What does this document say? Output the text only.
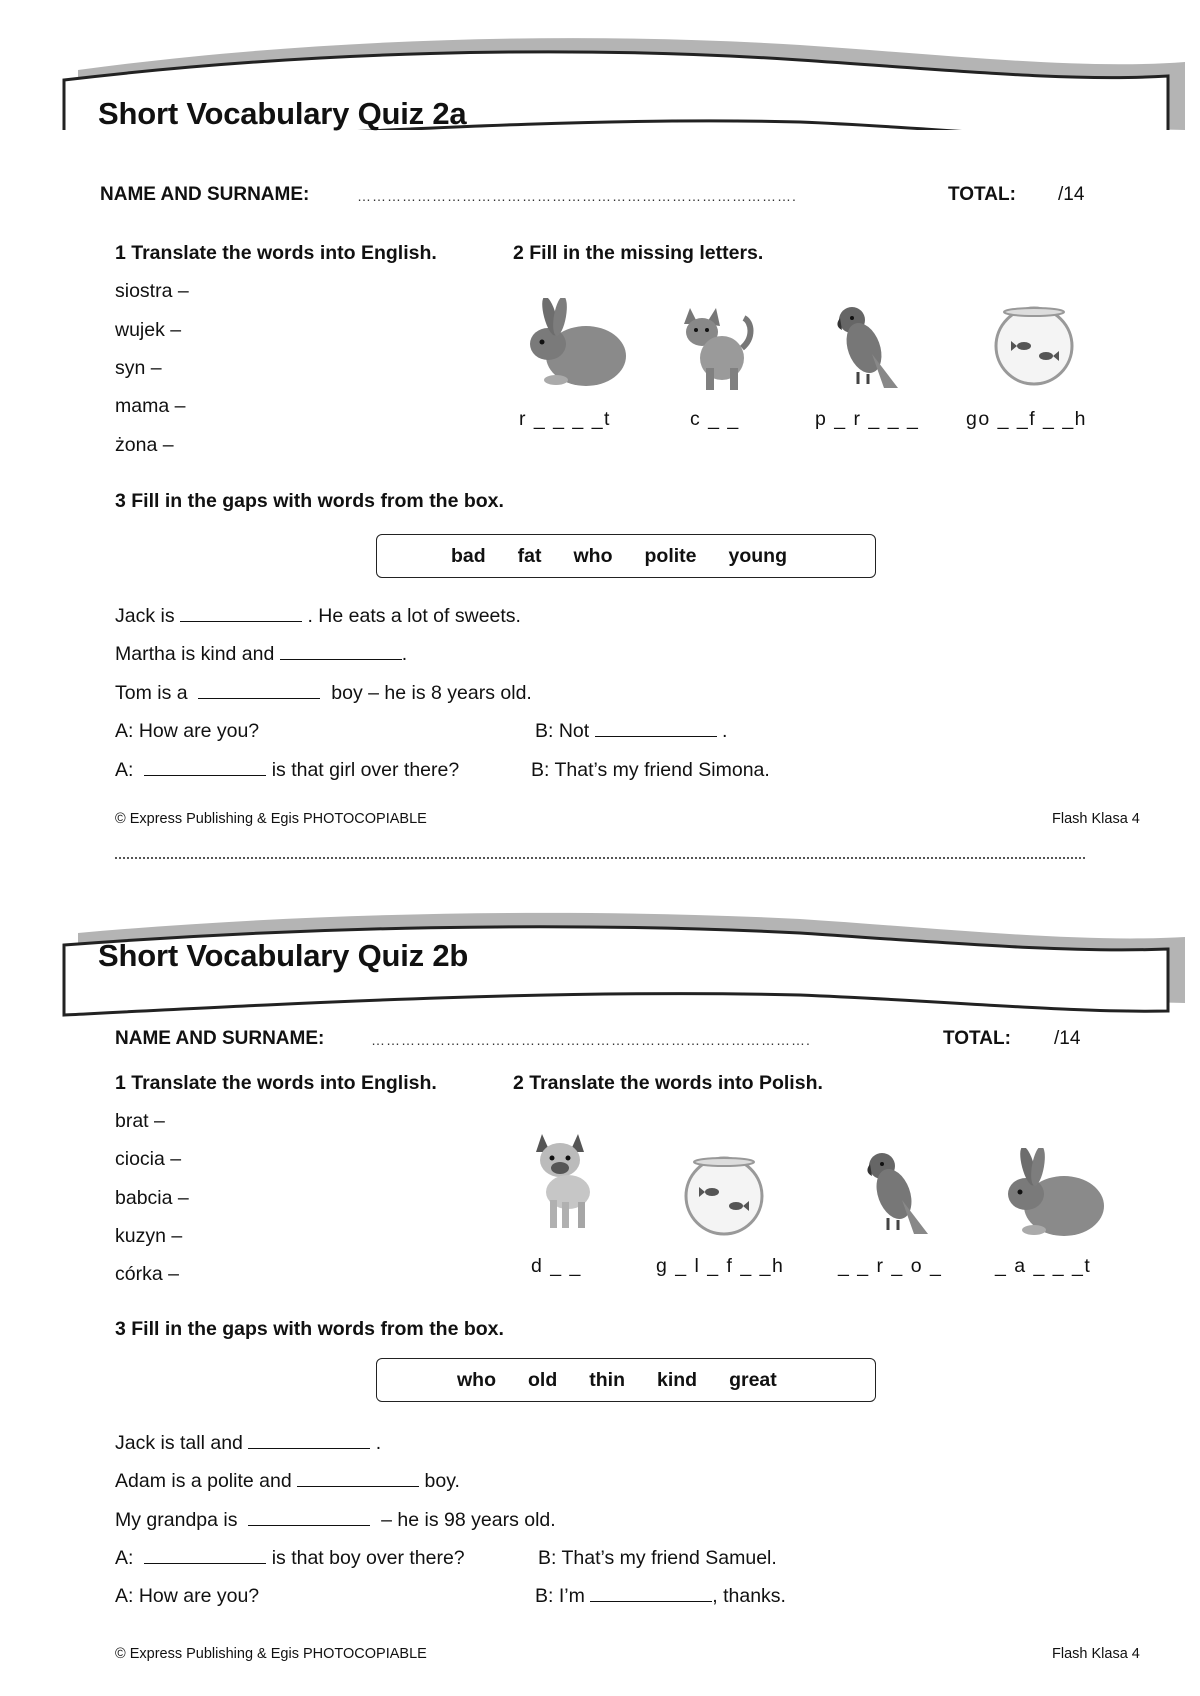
Short Vocabulary Quiz 2a
NAME AND SURNAME:	…………………………………………………………………………….	TOTAL: /14
1 Translate the words into English.
siostra –
wujek –
syn –
mama –
żona –
2 Fill in the missing letters.
r _ _ _ _t	c _ _	p _ r _ _ _ go _ _f _ _h
3 Fill in the gaps with words from the box.
bad fat who polite young
Jack is	. He eats a lot of sweets.
Martha is kind and	.
Tom is a	boy – he is 8 years old.
A: How are you?	B: Not	.
A:	is that girl over there?	B: That’s my friend Simona.
© Express Publishing & Egis PHOTOCOPIABLE	Flash Klasa 4
Short Vocabulary Quiz 2b
NAME AND SURNAME:	…………………………………………………………………………….	TOTAL: /14
1 Translate the words into English.
brat –
ciocia –
babcia –
kuzyn –
córka –
2 Translate the words into Polish.
d _ _	g _ l _ f _ _h	_ _ r _ o _	_ a _ _ _t
3 Fill in the gaps with words from the box.
who old thin kind great
Jack is tall and	.
Adam is a polite and	boy.
My grandpa is	– he is 98 years old.
A:	is that boy over there?	B: That’s my friend Samuel.
A: How are you?	B: I’m	, thanks.
© Express Publishing & Egis PHOTOCOPIABLE	Flash Klasa 4
